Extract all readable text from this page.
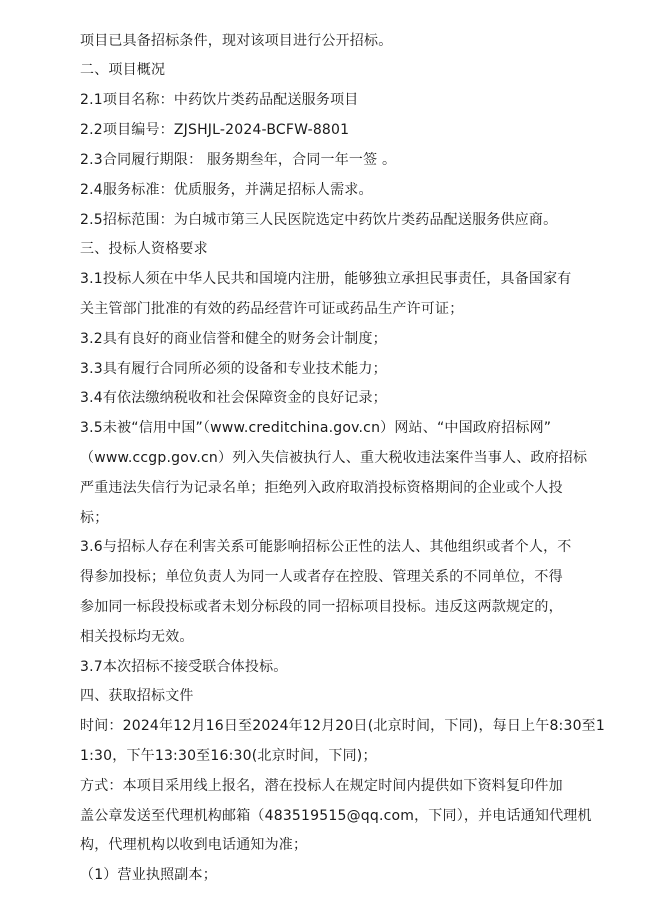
项目已具备招标条件，现对该项目进行公开招标。
二、项目概况
2.1项目名称：中药饮片类药品配送服务项目
2.2项目编号：ZJSHJL-2024-BCFW-8801
2.3合同履行期限： 服务期叁年，合同一年一签 。
2.4服务标准：优质服务，并满足招标人需求。
2.5招标范围：为白城市第三人民医院选定中药饮片类药品配送服务供应商。
三、投标人资格要求
3.1投标人须在中华人民共和国境内注册，能够独立承担民事责任，具备国家有
关主管部门批准的有效的药品经营许可证或药品生产许可证；
3.2具有良好的商业信誉和健全的财务会计制度；
3.3具有履行合同所必须的设备和专业技术能力；
3.4有依法缴纳税收和社会保障资金的良好记录；
3.5未被“信用中国”（www.creditchina.gov.cn）网站、“中国政府招标网”
（www.ccgp.gov.cn）列入失信被执行人、重大税收违法案件当事人、政府招标
严重违法失信行为记录名单；拒绝列入政府取消投标资格期间的企业或个人投
标；
3.6与招标人存在利害关系可能影响招标公正性的法人、其他组织或者个人，不
得参加投标；单位负责人为同一人或者存在控股、管理关系的不同单位，不得
参加同一标段投标或者未划分标段的同一招标项目投标。违反这两款规定的，
相关投标均无效。
3.7本次招标不接受联合体投标。
四、获取招标文件
时间：2024年12月16日至2024年12月20日(北京时间，下同)，每日上午8:30至1
1:30，下午13:30至16:30(北京时间，下同)；
方式：本项目采用线上报名，潜在投标人在规定时间内提供如下资料复印件加
盖公章发送至代理机构邮箱（483519515@qq.com，下同），并电话通知代理机
构，代理机构以收到电话通知为准；
（1）营业执照副本；
